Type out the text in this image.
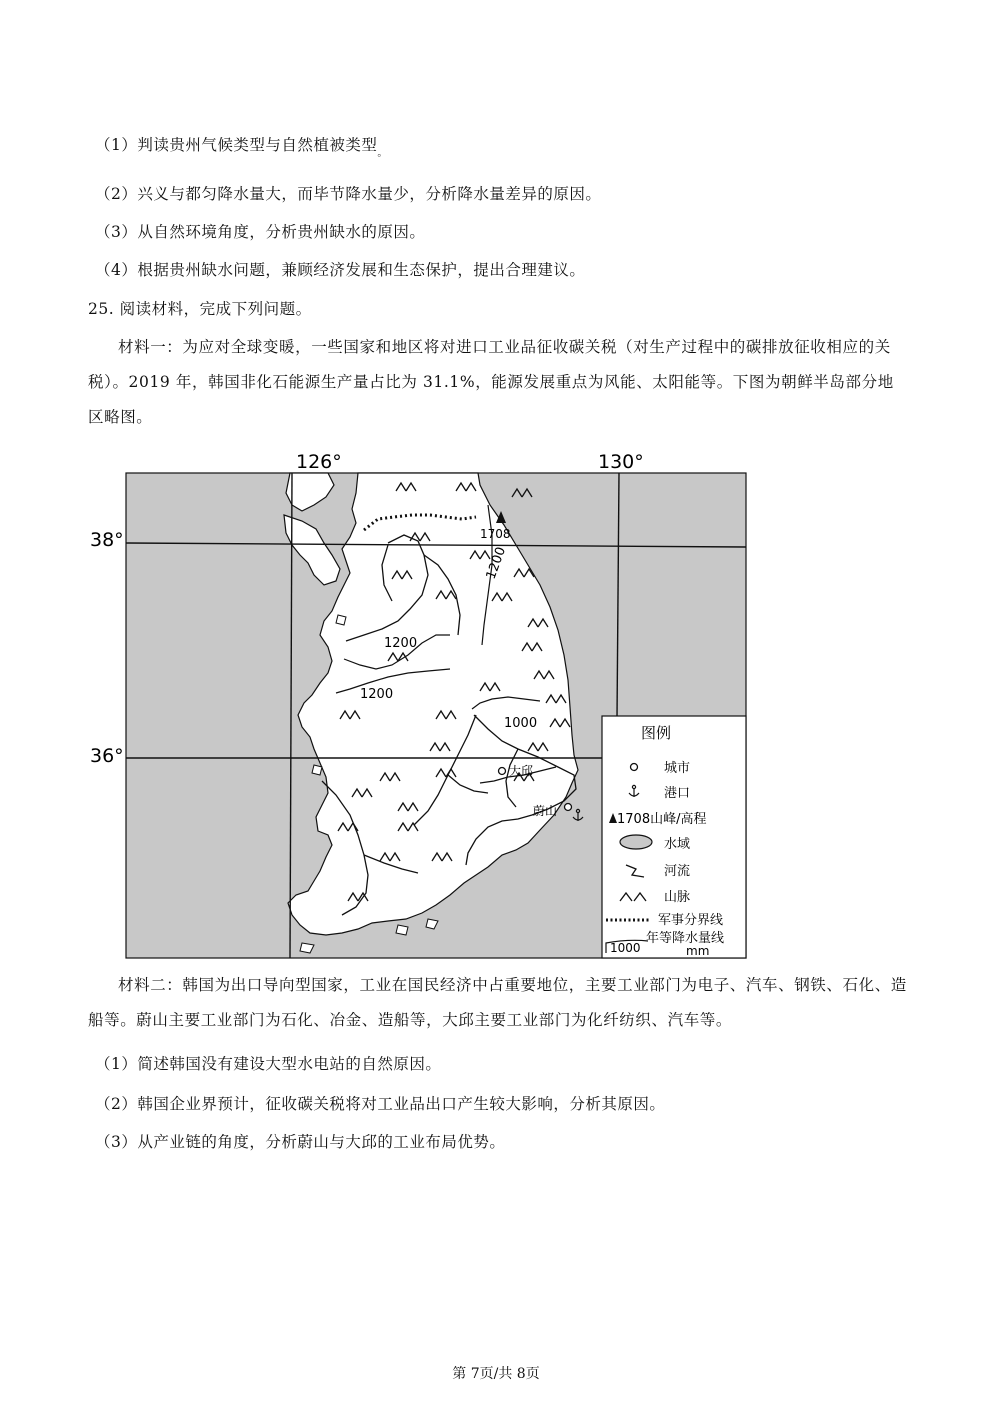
（1）判读贵州气候类型与自然植被类型$_。$
（2）兴义与都匀降水量大，而毕节降水量少，分析降水量差异的原因。
（3）从自然环境角度，分析贵州缺水的原因。
（4）根据贵州缺水问题，兼顾经济发展和生态保护，提出合理建议。
25. 阅读材料，完成下列问题。
材料一：为应对全球变暖，一些国家和地区将对进口工业品征收碳关税（对生产过程中的碳排放征收相应的关税）。2019 年，韩国非化石能源生产量占比为 31.1%，能源发展重点为风能、太阳能等。下图为朝鲜半岛部分地区略图。
126°	130°
38°
36°
1200
1200
1200
1000
1708
大邱
蔚山
图例
城市
港口
1708山峰/高程
水域
河流
山脉
军事分界线
1000
年等降水量线
mm
材料二：韩国为出口导向型国家，工业在国民经济中占重要地位，主要工业部门为电子、汽车、钢铁、石化、造船等。蔚山主要工业部门为石化、冶金、造船等，大邱主要工业部门为化纤纺织、汽车等。
（1）简述韩国没有建设大型水电站的自然原因。
（2）韩国企业界预计，征收碳关税将对工业品出口产生较大影响，分析其原因。
（3）从产业链的角度，分析蔚山与大邱的工业布局优势。
第 7页/共 8页
